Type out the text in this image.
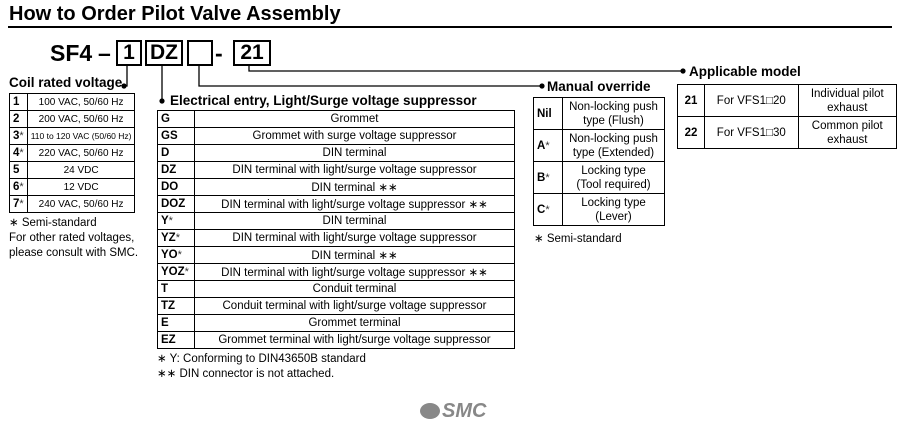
How to Order Pilot Valve Assembly
SF4 – 1 DZ - 21
Coil rated voltage
1	100 VAC, 50/60 Hz
2	200 VAC, 50/60 Hz
3*	110 to 120 VAC (50/60 Hz)
4*	220 VAC, 50/60 Hz
5	24 VDC
6*	12 VDC
7*	240 VAC, 50/60 Hz
∗ Semi-standard
For other rated voltages,
please consult with SMC.
Electrical entry, Light/Surge voltage suppressor
G	Grommet
GS	Grommet with surge voltage suppressor
D	DIN terminal
DZ	DIN terminal with light/surge voltage suppressor
DO	DIN terminal ∗∗
DOZ	DIN terminal with light/surge voltage suppressor ∗∗
Y*	DIN terminal
YZ*	DIN terminal with light/surge voltage suppressor
YO*	DIN terminal ∗∗
YOZ*	DIN terminal with light/surge voltage suppressor ∗∗
T	Conduit terminal
TZ	Conduit terminal with light/surge voltage suppressor
E	Grommet terminal
EZ	Grommet terminal with light/surge voltage suppressor
∗ Y: Conforming to DIN43650B standard
∗∗ DIN connector is not attached.
Manual override
Nil	Non-locking push
type (Flush)

A*	Non-locking push
type (Extended)

B*	Locking type
(Tool required)

C*	Locking type
(Lever)
∗ Semi-standard
Applicable model
21	For VFS1□20	Individual pilot
exhaust

22	For VFS1□30	Common pilot
exhaust
SMC
